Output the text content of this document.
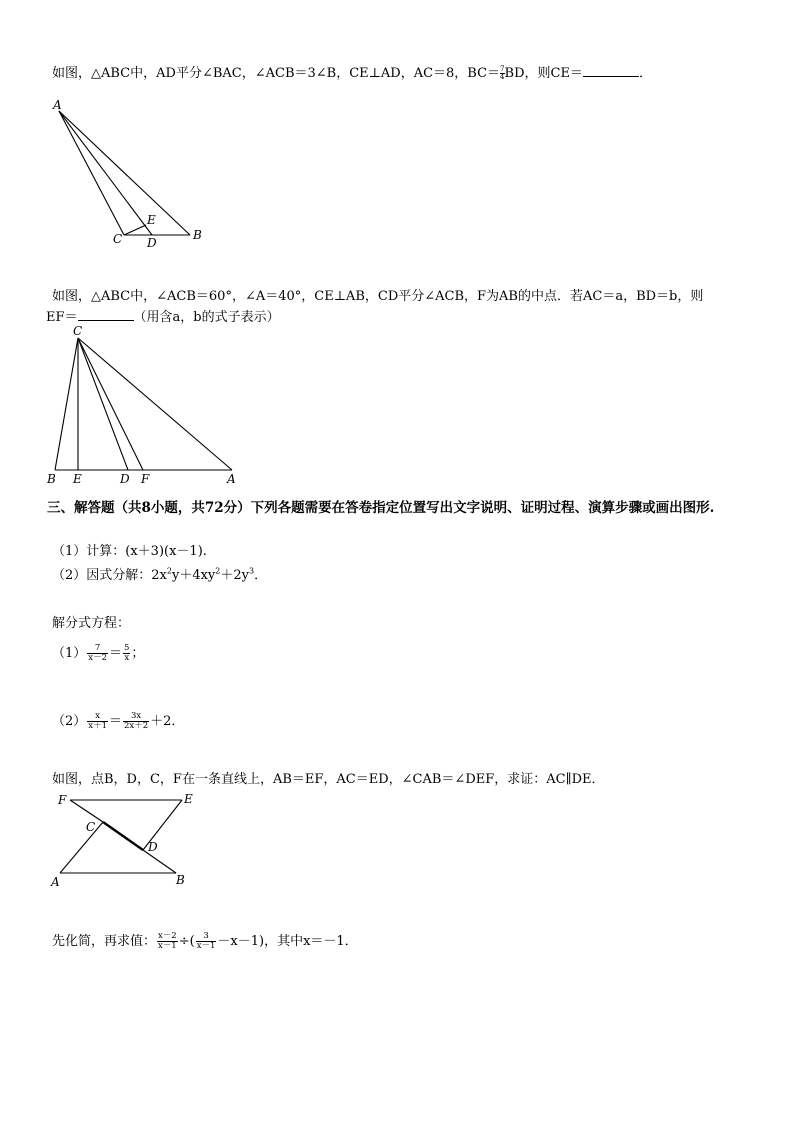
如图，△ABC中，AD平分∠BAC，∠ACB＝3∠B，CE⊥AD，AC＝8，$BC= \frac{7}{4}BD$，则CE＝	．
A
B
C D
E
如图，△ABC中，∠ACB＝60°，∠A＝40°，CE⊥AB，CD平分∠ACB，F为AB的中点．若AC＝a，BD＝b，则
EF＝	（用含a，b的式子表示）
C
B E	D F	A
三、解答题（共8小题，共72分）下列各题需要在答卷指定位置写出文字说明、证明过程、演算步骤或画出图形.
（1）计算：(x＋3)(x－1).
（2）因式分解：$2x^2y+4xy^2+2y^3$．
解分式方程：
$(1) \frac{7}{x-2} = \frac{5}{x}$ ；
$(2) \frac{x}{x+1} = \frac{3x}{2x+2} +2$．
如图，点B，D，C，F在一条直线上，AB＝EF，AC＝ED，∠CAB＝∠DEF，求证：AC∥DE．
F	E
C
D
A	B
先化简，再求值： $\frac{x-2}{x-1}$ ÷( $\frac{3}{x-1} -x-1$)，其中x＝－1．
